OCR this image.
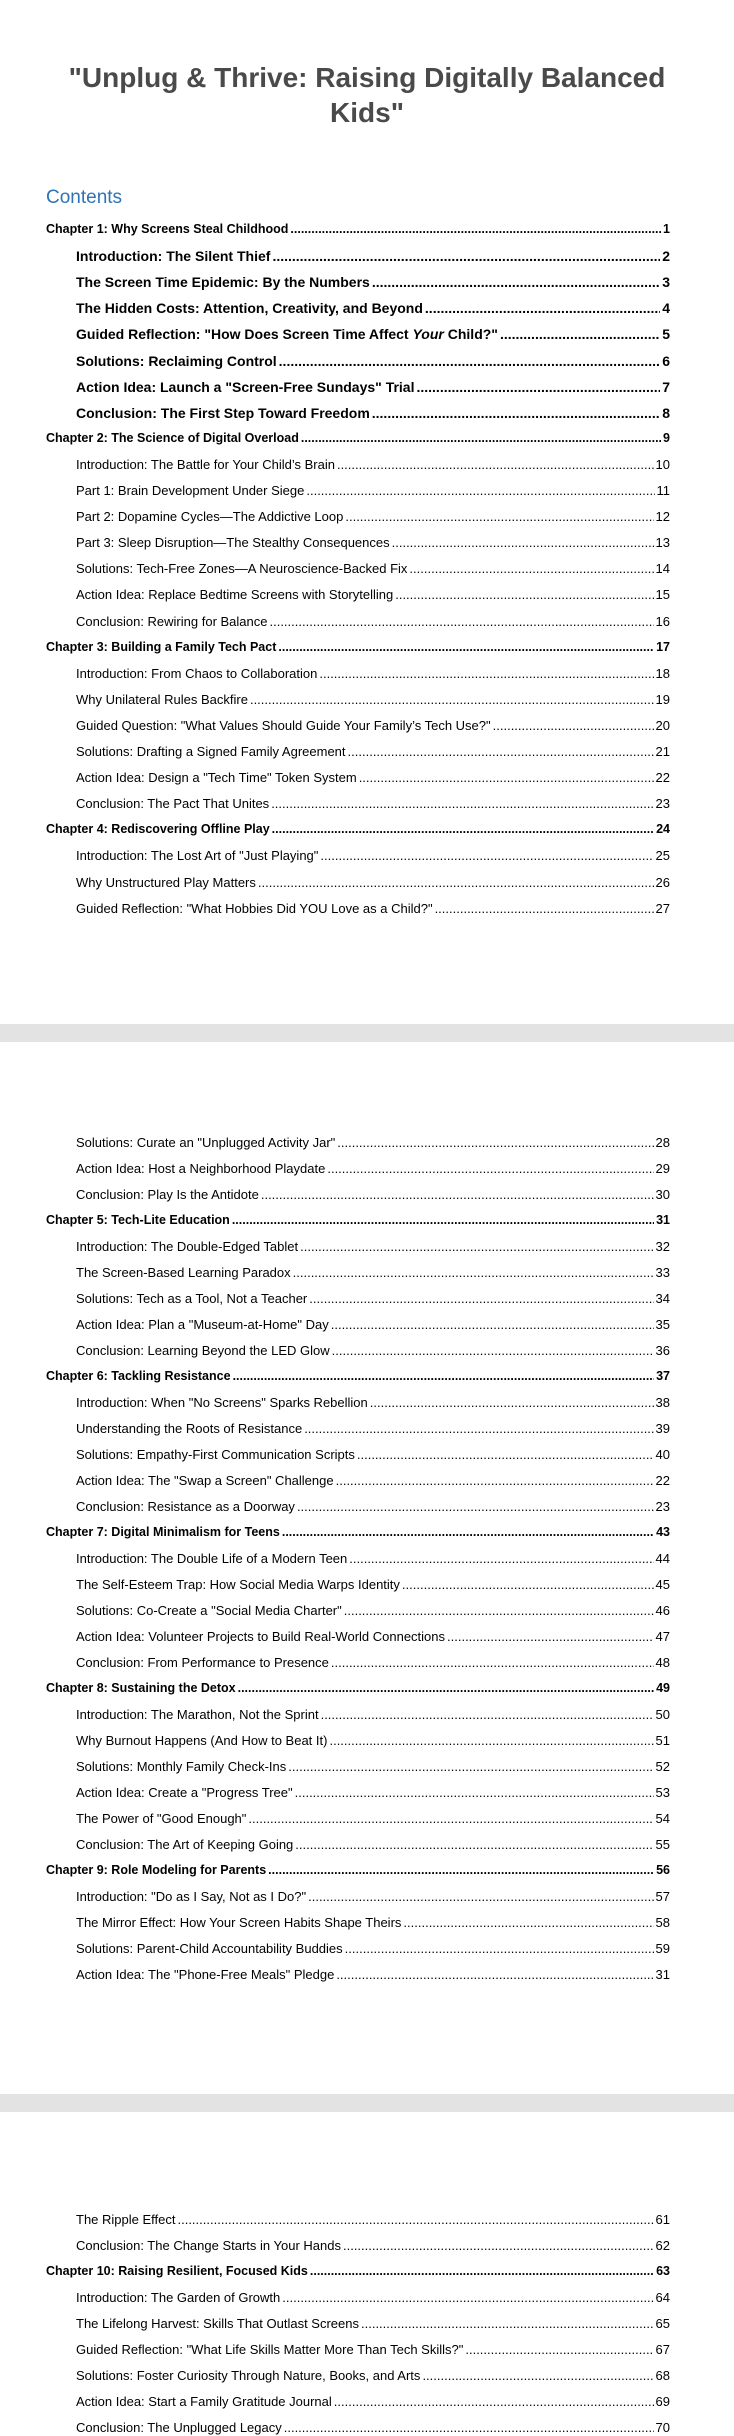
"Unplug & Thrive: Raising Digitally Balanced Kids"
Contents
Chapter 1: Why Screens Steal Childhood .....	1
Introduction: The Silent Thief .....	2
The Screen Time Epidemic: By the Numbers .....	3
The Hidden Costs: Attention, Creativity, and Beyond .....	4
Guided Reflection: "How Does Screen Time Affect Your Child?" .....	5
Solutions: Reclaiming Control .....	6
Action Idea: Launch a "Screen-Free Sundays" Trial .....	7
Conclusion: The First Step Toward Freedom .....	8
Chapter 2: The Science of Digital Overload .....	9
Introduction: The Battle for Your Child’s Brain .....	10
Part 1: Brain Development Under Siege .....	11
Part 2: Dopamine Cycles—The Addictive Loop .....	12
Part 3: Sleep Disruption—The Stealthy Consequences .....	13
Solutions: Tech-Free Zones—A Neuroscience-Backed Fix .....	14
Action Idea: Replace Bedtime Screens with Storytelling .....	15
Conclusion: Rewiring for Balance .....	16
Chapter 3: Building a Family Tech Pact .....	17
Introduction: From Chaos to Collaboration .....	18
Why Unilateral Rules Backfire .....	19
Guided Question: "What Values Should Guide Your Family’s Tech Use?" .....	20
Solutions: Drafting a Signed Family Agreement .....	21
Action Idea: Design a "Tech Time" Token System .....	22
Conclusion: The Pact That Unites .....	23
Chapter 4: Rediscovering Offline Play .....	24
Introduction: The Lost Art of "Just Playing" .....	25
Why Unstructured Play Matters .....	26
Guided Reflection: "What Hobbies Did YOU Love as a Child?" .....	27
Solutions: Curate an "Unplugged Activity Jar" .....	28
Action Idea: Host a Neighborhood Playdate .....	29
Conclusion: Play Is the Antidote .....	30
Chapter 5: Tech-Lite Education .....	31
Introduction: The Double-Edged Tablet .....	32
The Screen-Based Learning Paradox .....	33
Solutions: Tech as a Tool, Not a Teacher .....	34
Action Idea: Plan a "Museum-at-Home" Day .....	35
Conclusion: Learning Beyond the LED Glow .....	36
Chapter 6: Tackling Resistance .....	37
Introduction: When "No Screens" Sparks Rebellion .....	38
Understanding the Roots of Resistance .....	39
Solutions: Empathy-First Communication Scripts .....	40
Action Idea: The "Swap a Screen" Challenge .....	22
Conclusion: Resistance as a Doorway .....	23
Chapter 7: Digital Minimalism for Teens .....	43
Introduction: The Double Life of a Modern Teen .....	44
The Self-Esteem Trap: How Social Media Warps Identity .....	45
Solutions: Co-Create a "Social Media Charter" .....	46
Action Idea: Volunteer Projects to Build Real-World Connections .....	47
Conclusion: From Performance to Presence .....	48
Chapter 8: Sustaining the Detox .....	49
Introduction: The Marathon, Not the Sprint .....	50
Why Burnout Happens (And How to Beat It) .....	51
Solutions: Monthly Family Check-Ins .....	52
Action Idea: Create a "Progress Tree" .....	53
The Power of "Good Enough" .....	54
Conclusion: The Art of Keeping Going .....	55
Chapter 9: Role Modeling for Parents .....	56
Introduction: "Do as I Say, Not as I Do?" .....	57
The Mirror Effect: How Your Screen Habits Shape Theirs .....	58
Solutions: Parent-Child Accountability Buddies .....	59
Action Idea: The "Phone-Free Meals" Pledge .....	31
The Ripple Effect .....	61
Conclusion: The Change Starts in Your Hands .....	62
Chapter 10: Raising Resilient, Focused Kids .....	63
Introduction: The Garden of Growth .....	64
The Lifelong Harvest: Skills That Outlast Screens .....	65
Guided Reflection: "What Life Skills Matter More Than Tech Skills?" .....	67
Solutions: Foster Curiosity Through Nature, Books, and Arts .....	68
Action Idea: Start a Family Gratitude Journal .....	69
Conclusion: The Unplugged Legacy .....	70
